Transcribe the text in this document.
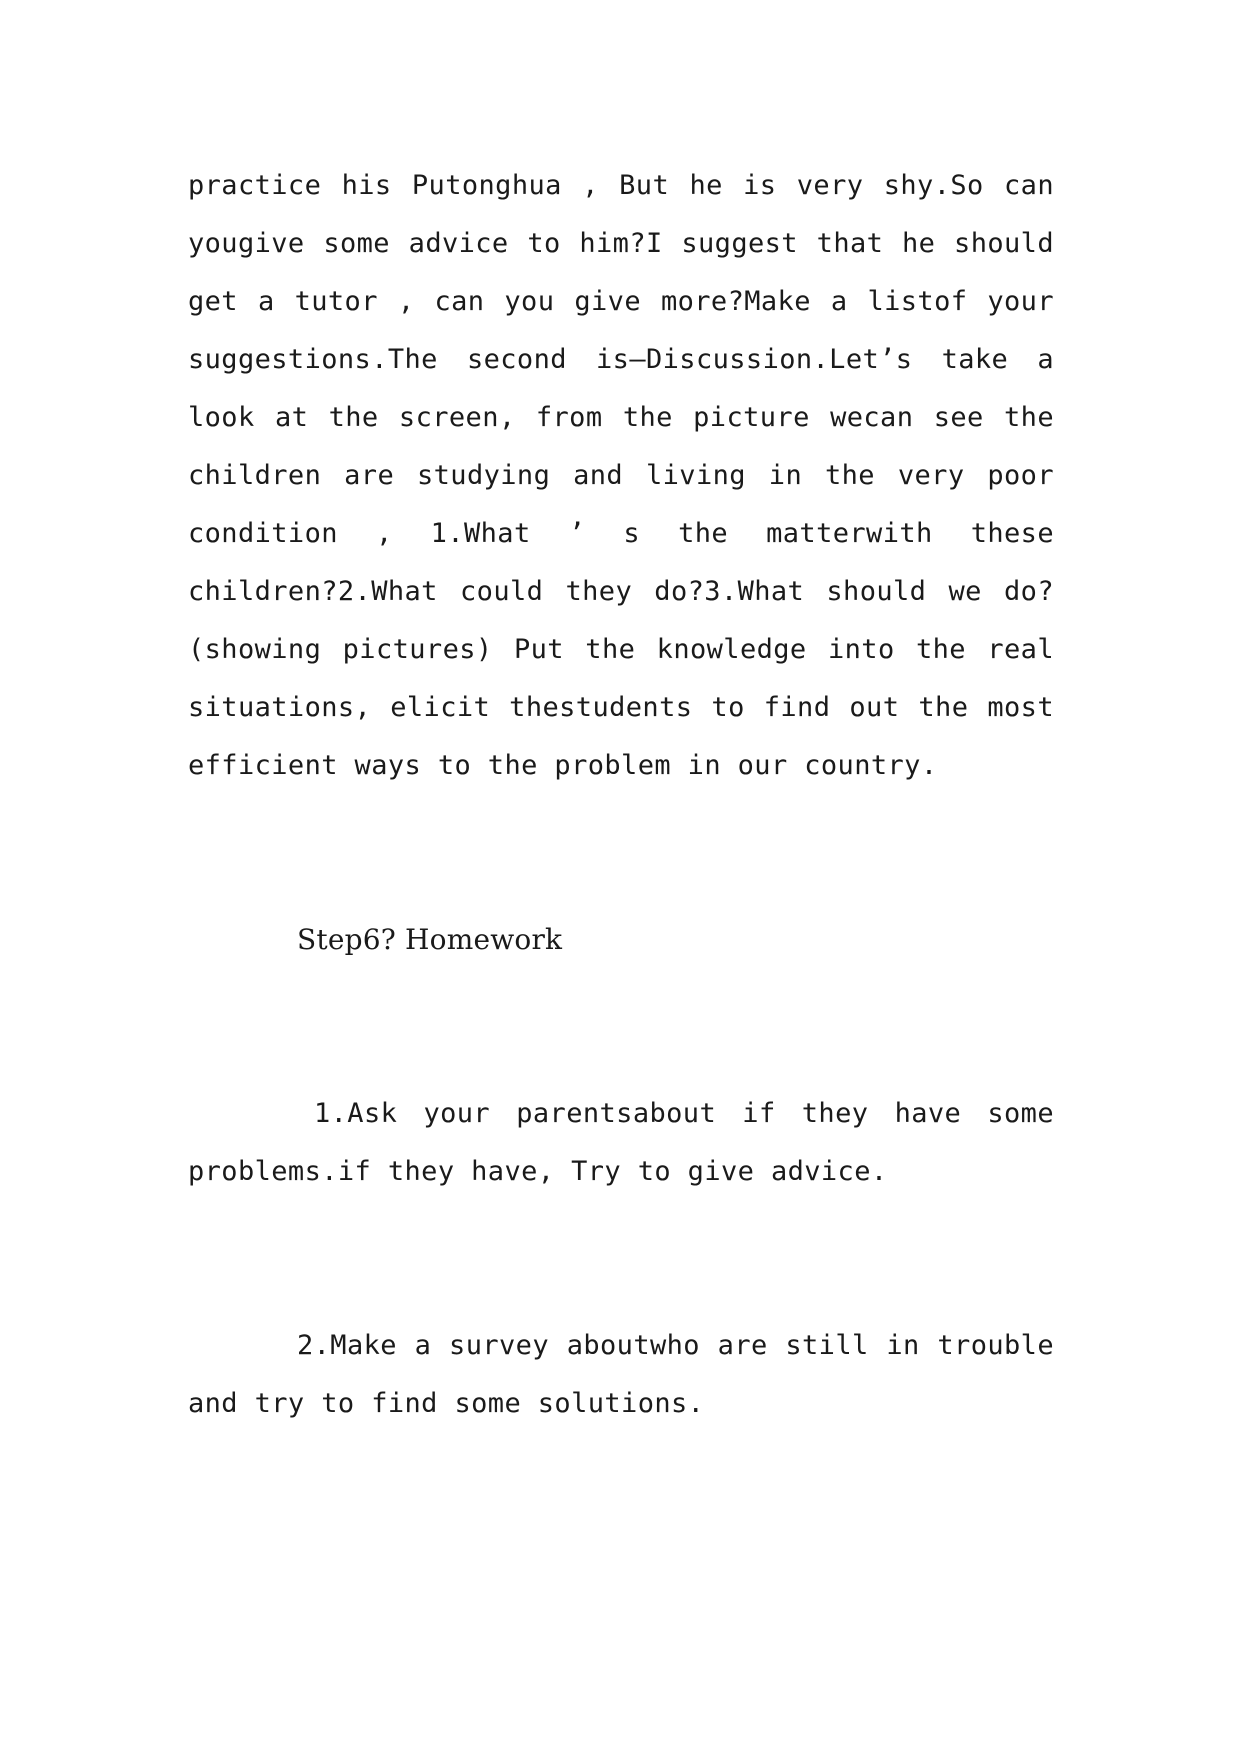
practice his Putonghua , But he is very shy.So can
yougive some advice to him?I suggest that he should
get a tutor , can you give more?Make a listof your
suggestions.The second is—Discussion.Let’s take a
look at the screen, from the picture wecan see the
children are studying and living in the very poor
condition , 1.What ’ s the matterwith these
children?2.What could they do?3.What should we do?
(showing pictures) Put the knowledge into the real
situations, elicit thestudents to find out the most
efficient ways to the problem in our country.
Step6? Homework
1.Ask your parentsabout if they have some
problems.if they have, Try to give advice.
2.Make a survey aboutwho are still in trouble
and try to find some solutions.
